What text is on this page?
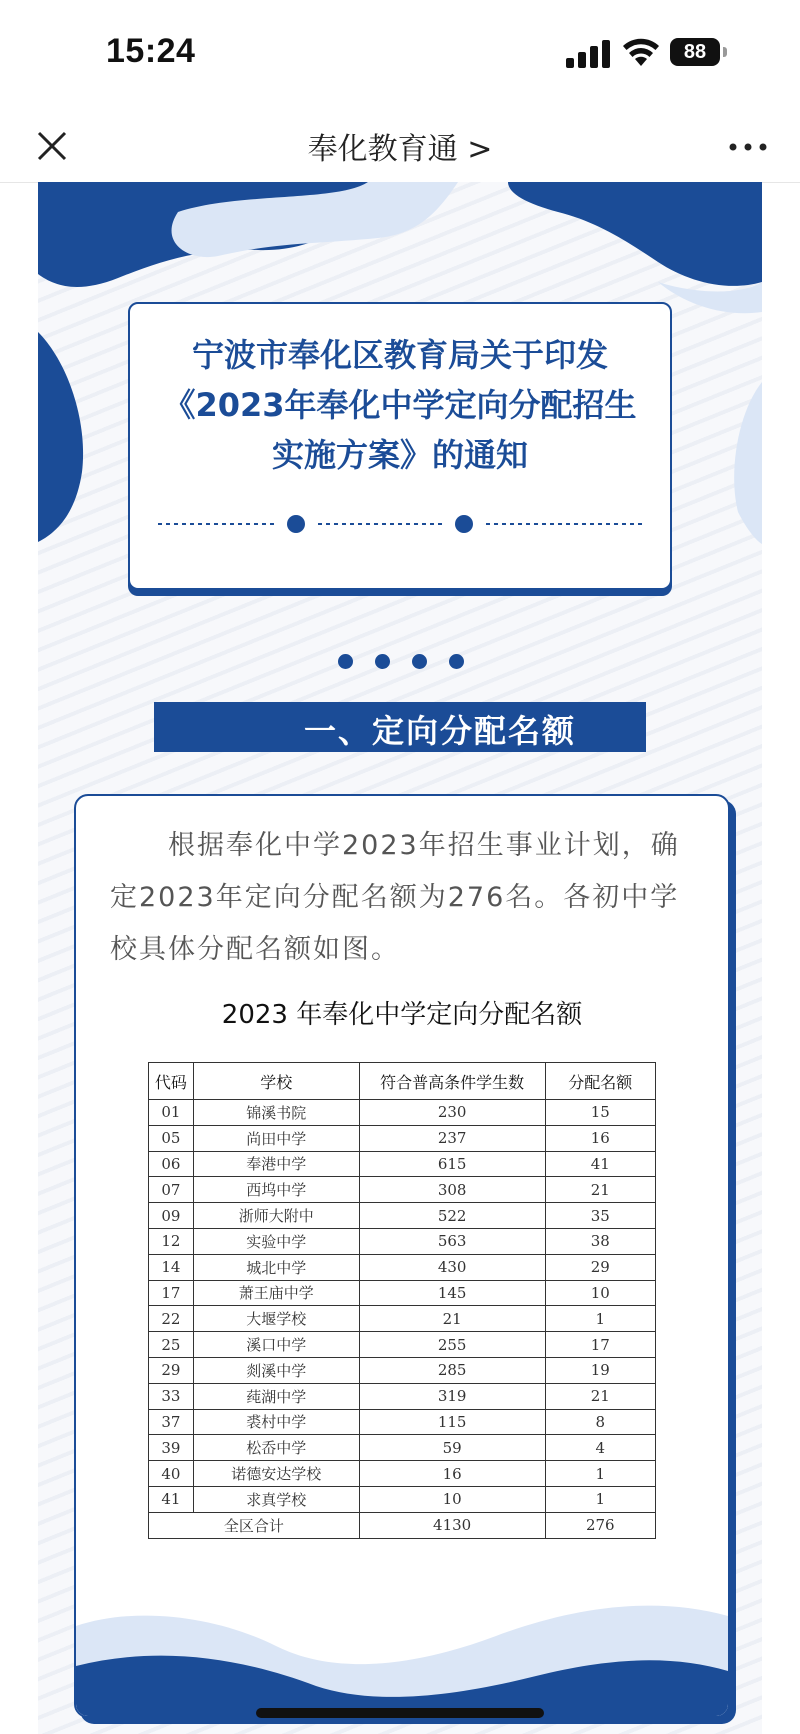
15:24	88
奉化教育通 >
宁波市奉化区教育局关于印发《2023年奉化中学定向分配招生实施方案》的通知
一、定向分配名额
根据奉化中学2023年招生事业计划，确定2023年定向分配名额为276名。各初中学校具体分配名额如图。
2023 年奉化中学定向分配名额
代码	学校	符合普高条件学生数	分配名额
01	锦溪书院	230	15
05	尚田中学	237	16
06	奉港中学	615	41
07	西坞中学	308	21
09	浙师大附中	522	35
12	实验中学	563	38
14	城北中学	430	29
17	萧王庙中学	145	10
22	大堰学校	21	1
25	溪口中学	255	17
29	剡溪中学	285	19
33	莼湖中学	319	21
37	裘村中学	115	8
39	松岙中学	59	4
40	诺德安达学校	16	1
41	求真学校	10	1
全区合计		4130	276
